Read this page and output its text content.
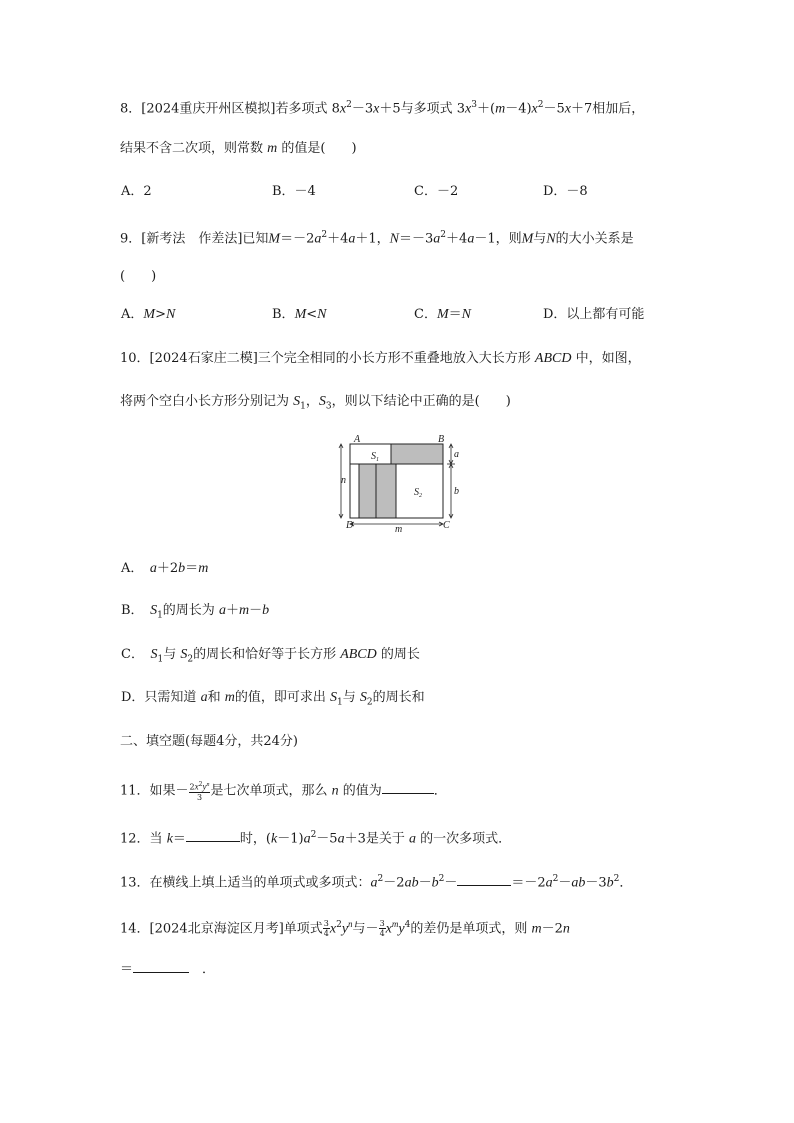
8．[2024重庆开州区模拟]若多项式 $8x^2-3x+5$与多项式 $3x^3+(m-4)x^2-5x+7$相加后，
结果不含二次项，则常数 m 的值是(　　)
A．2	B．－4	C．－2	D．－8
9．[新考法　作差法]已知$M=-2a^2+4a+1$，$N=-3a^2+4a-1$，则M与N的大小关系是
(　　)
A．M>N	B．M<N	C．M＝N	D．以上都有可能
10．[2024石家庄二模]三个完全相同的小长方形不重叠地放入大长方形 ABCD 中，如图，
将两个空白小长方形分别记为 $S_1$，$S_3$，则以下结论中正确的是(　　)
A	B
C
D
a
b
n
m
$S_1$
$S_2$
A．　a＋2b＝m
B．　$S_1$的周长为 a＋m－b
C．　$S_1$与 $S_2$的周长和恰好等于长方形 ABCD 的周长
D．只需知道 a和 m的值，即可求出 $S_1$与 $S_2$的周长和
二、填空题(每题4分，共24分)
11．如果－ $\frac{2x^2y^n}{3}$ 是七次单项式，那么 n 的值为	．
12．当 k＝	时，$(k-1)a^2-5a+3$是关于 a 的一次多项式．
13．在横线上填上适当的单项式或多项式：$a^2-2ab-b^2-$	$=-2a^2-ab-3b^2$．
14．[2024北京海淀区月考]单项式 $\frac{3}{4} x^2y^n$与－ $\frac{3}{4} x^my^4$的差仍是单项式，则 m－2n
＝	　．
